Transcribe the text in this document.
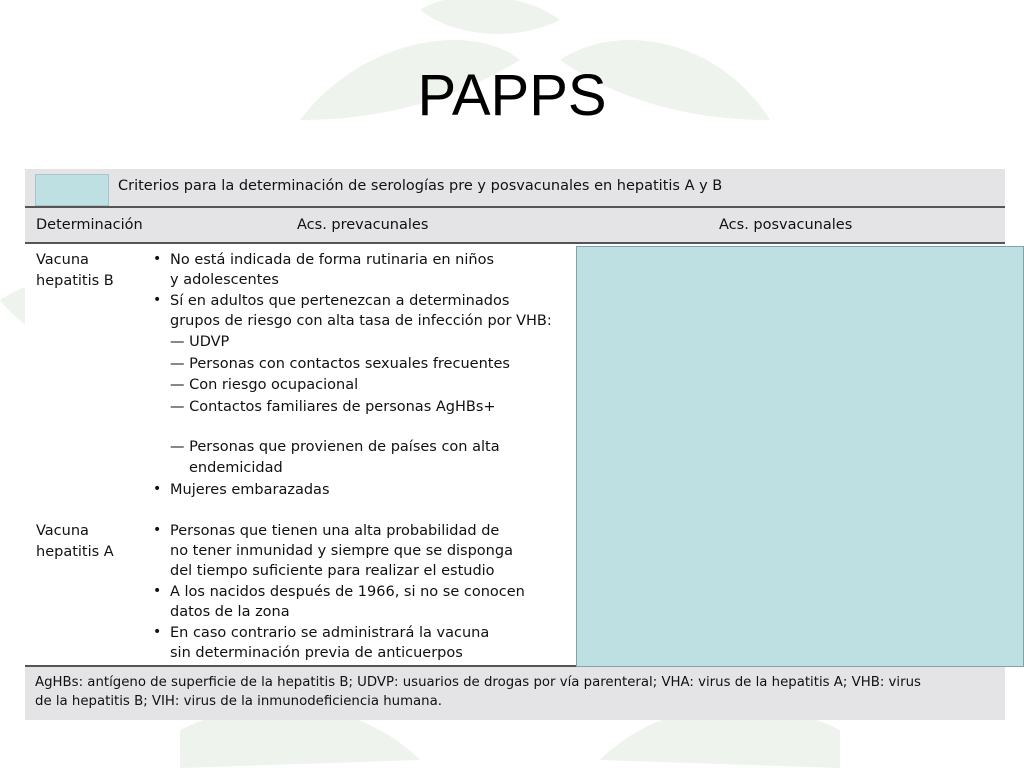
PAPPS
Criterios para la determinación de serologías pre y posvacunales en hepatitis A y B
Determinación	Acs. prevacunales	Acs. posvacunales
Vacuna
hepatitis B
• No está indicada de forma rutinaria en niños
y adolescentes
• Sí en adultos que pertenezcan a determinados
grupos de riesgo con alta tasa de infección por VHB:
— UDVP
— Personas con contactos sexuales frecuentes
— Con riesgo ocupacional
— Contactos familiares de personas AgHBs+
— Personas que provienen de países con alta
endemicidad
• Mujeres embarazadas
Vacuna
hepatitis A
• Personas que tienen una alta probabilidad de
no tener inmunidad y siempre que se disponga
del tiempo suficiente para realizar el estudio
• A los nacidos después de 1966, si no se conocen
datos de la zona
• En caso contrario se administrará la vacuna
sin determinación previa de anticuerpos
AgHBs: antígeno de superficie de la hepatitis B; UDVP: usuarios de drogas por vía parenteral; VHA: virus de la hepatitis A; VHB: virus
de la hepatitis B; VIH: virus de la inmunodeficiencia humana.
